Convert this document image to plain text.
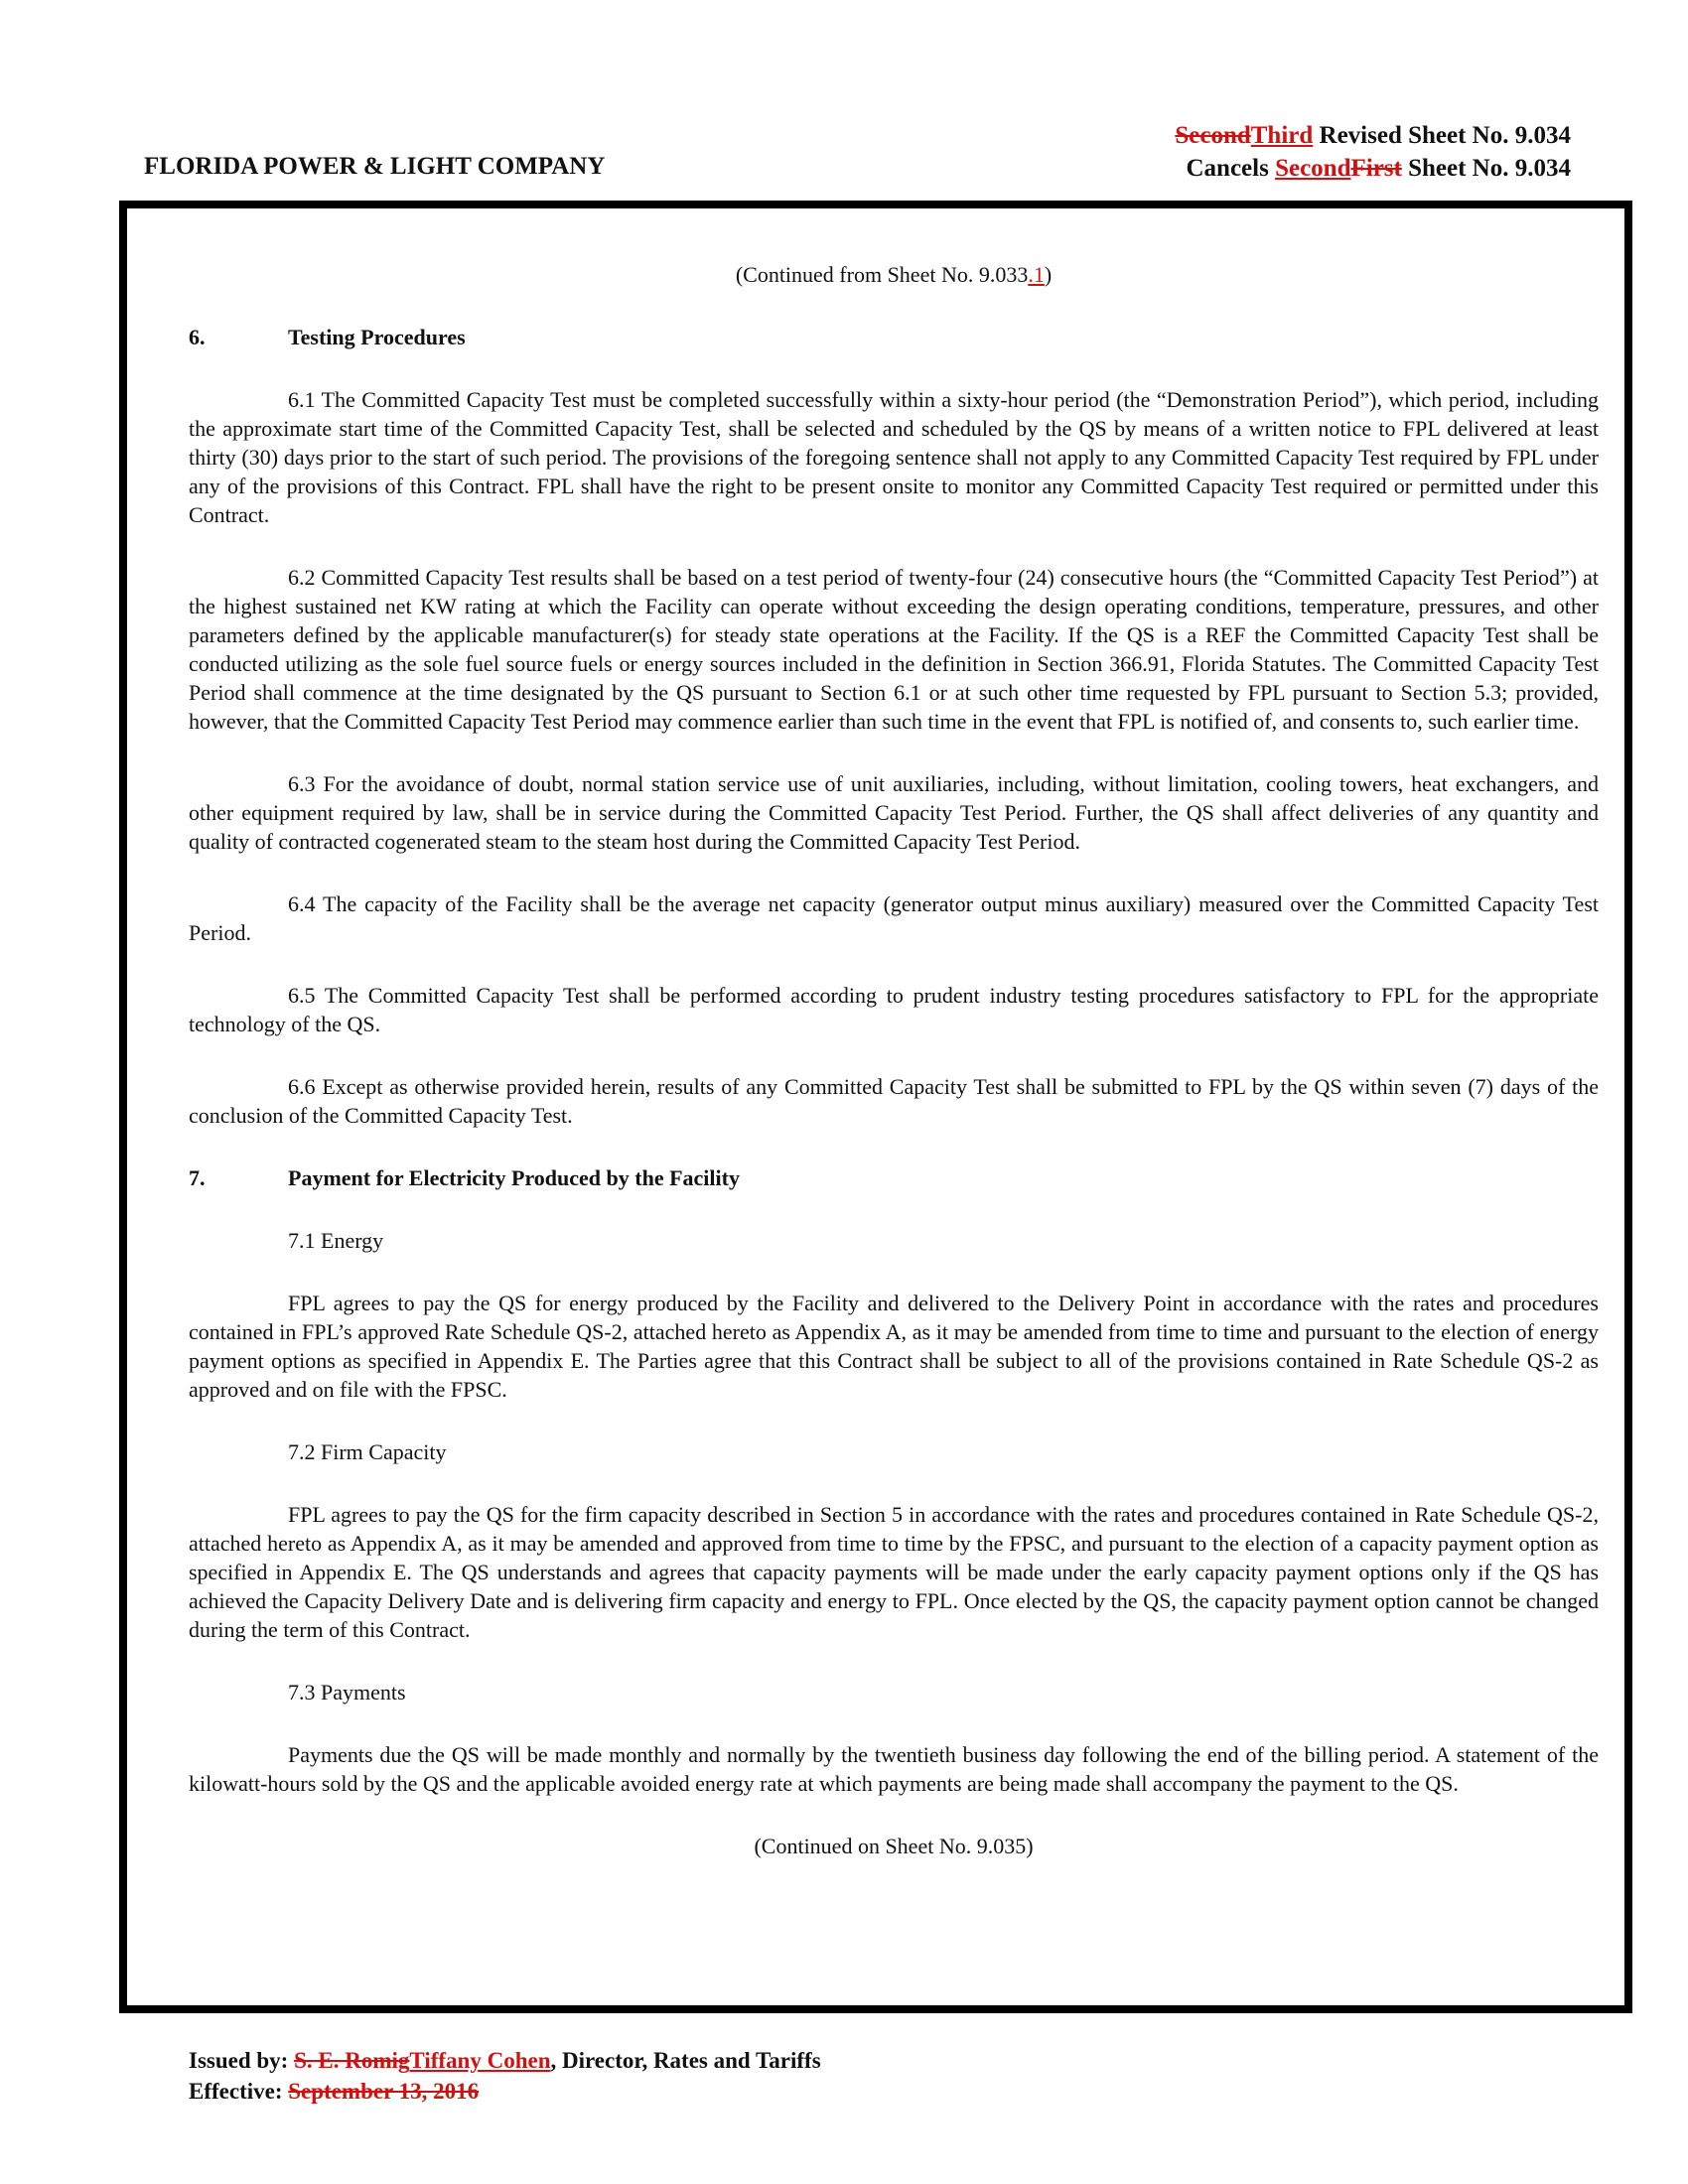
FLORIDA POWER & LIGHT COMPANY
SecondThird Revised Sheet No. 9.034
Cancels SecondFirst Sheet No. 9.034

(Continued from Sheet No. 9.033.1)

6.	Testing Procedures

6.1 The Committed Capacity Test must be completed successfully within a sixty-hour period (the “Demonstration Period”), which period, including the approximate start time of the Committed Capacity Test, shall be selected and scheduled by the QS by means of a written notice to FPL delivered at least thirty (30) days prior to the start of such period. The provisions of the foregoing sentence shall not apply to any Committed Capacity Test required by FPL under any of the provisions of this Contract. FPL shall have the right to be present onsite to monitor any Committed Capacity Test required or permitted under this Contract.

6.2 Committed Capacity Test results shall be based on a test period of twenty-four (24) consecutive hours (the “Committed Capacity Test Period”) at the highest sustained net KW rating at which the Facility can operate without exceeding the design operating conditions, temperature, pressures, and other parameters defined by the applicable manufacturer(s) for steady state operations at the Facility. If the QS is a REF the Committed Capacity Test shall be conducted utilizing as the sole fuel source fuels or energy sources included in the definition in Section 366.91, Florida Statutes. The Committed Capacity Test Period shall commence at the time designated by the QS pursuant to Section 6.1 or at such other time requested by FPL pursuant to Section 5.3; provided, however, that the Committed Capacity Test Period may commence earlier than such time in the event that FPL is notified of, and consents to, such earlier time.

6.3 For the avoidance of doubt, normal station service use of unit auxiliaries, including, without limitation, cooling towers, heat exchangers, and other equipment required by law, shall be in service during the Committed Capacity Test Period. Further, the QS shall affect deliveries of any quantity and quality of contracted cogenerated steam to the steam host during the Committed Capacity Test Period.

6.4 The capacity of the Facility shall be the average net capacity (generator output minus auxiliary) measured over the Committed Capacity Test Period.

6.5 The Committed Capacity Test shall be performed according to prudent industry testing procedures satisfactory to FPL for the appropriate technology of the QS.

6.6 Except as otherwise provided herein, results of any Committed Capacity Test shall be submitted to FPL by the QS within seven (7) days of the conclusion of the Committed Capacity Test.

7.	Payment for Electricity Produced by the Facility

7.1 Energy

FPL agrees to pay the QS for energy produced by the Facility and delivered to the Delivery Point in accordance with the rates and procedures contained in FPL’s approved Rate Schedule QS-2, attached hereto as Appendix A, as it may be amended from time to time and pursuant to the election of energy payment options as specified in Appendix E. The Parties agree that this Contract shall be subject to all of the provisions contained in Rate Schedule QS-2 as approved and on file with the FPSC.

7.2 Firm Capacity

FPL agrees to pay the QS for the firm capacity described in Section 5 in accordance with the rates and procedures contained in Rate Schedule QS-2, attached hereto as Appendix A, as it may be amended and approved from time to time by the FPSC, and pursuant to the election of a capacity payment option as specified in Appendix E. The QS understands and agrees that capacity payments will be made under the early capacity payment options only if the QS has achieved the Capacity Delivery Date and is delivering firm capacity and energy to FPL. Once elected by the QS, the capacity payment option cannot be changed during the term of this Contract.

7.3 Payments

Payments due the QS will be made monthly and normally by the twentieth business day following the end of the billing period. A statement of the kilowatt-hours sold by the QS and the applicable avoided energy rate at which payments are being made shall accompany the payment to the QS.

(Continued on Sheet No. 9.035)

Issued by: S. E. RomigTiffany Cohen, Director, Rates and Tariffs
Effective: September 13, 2016
